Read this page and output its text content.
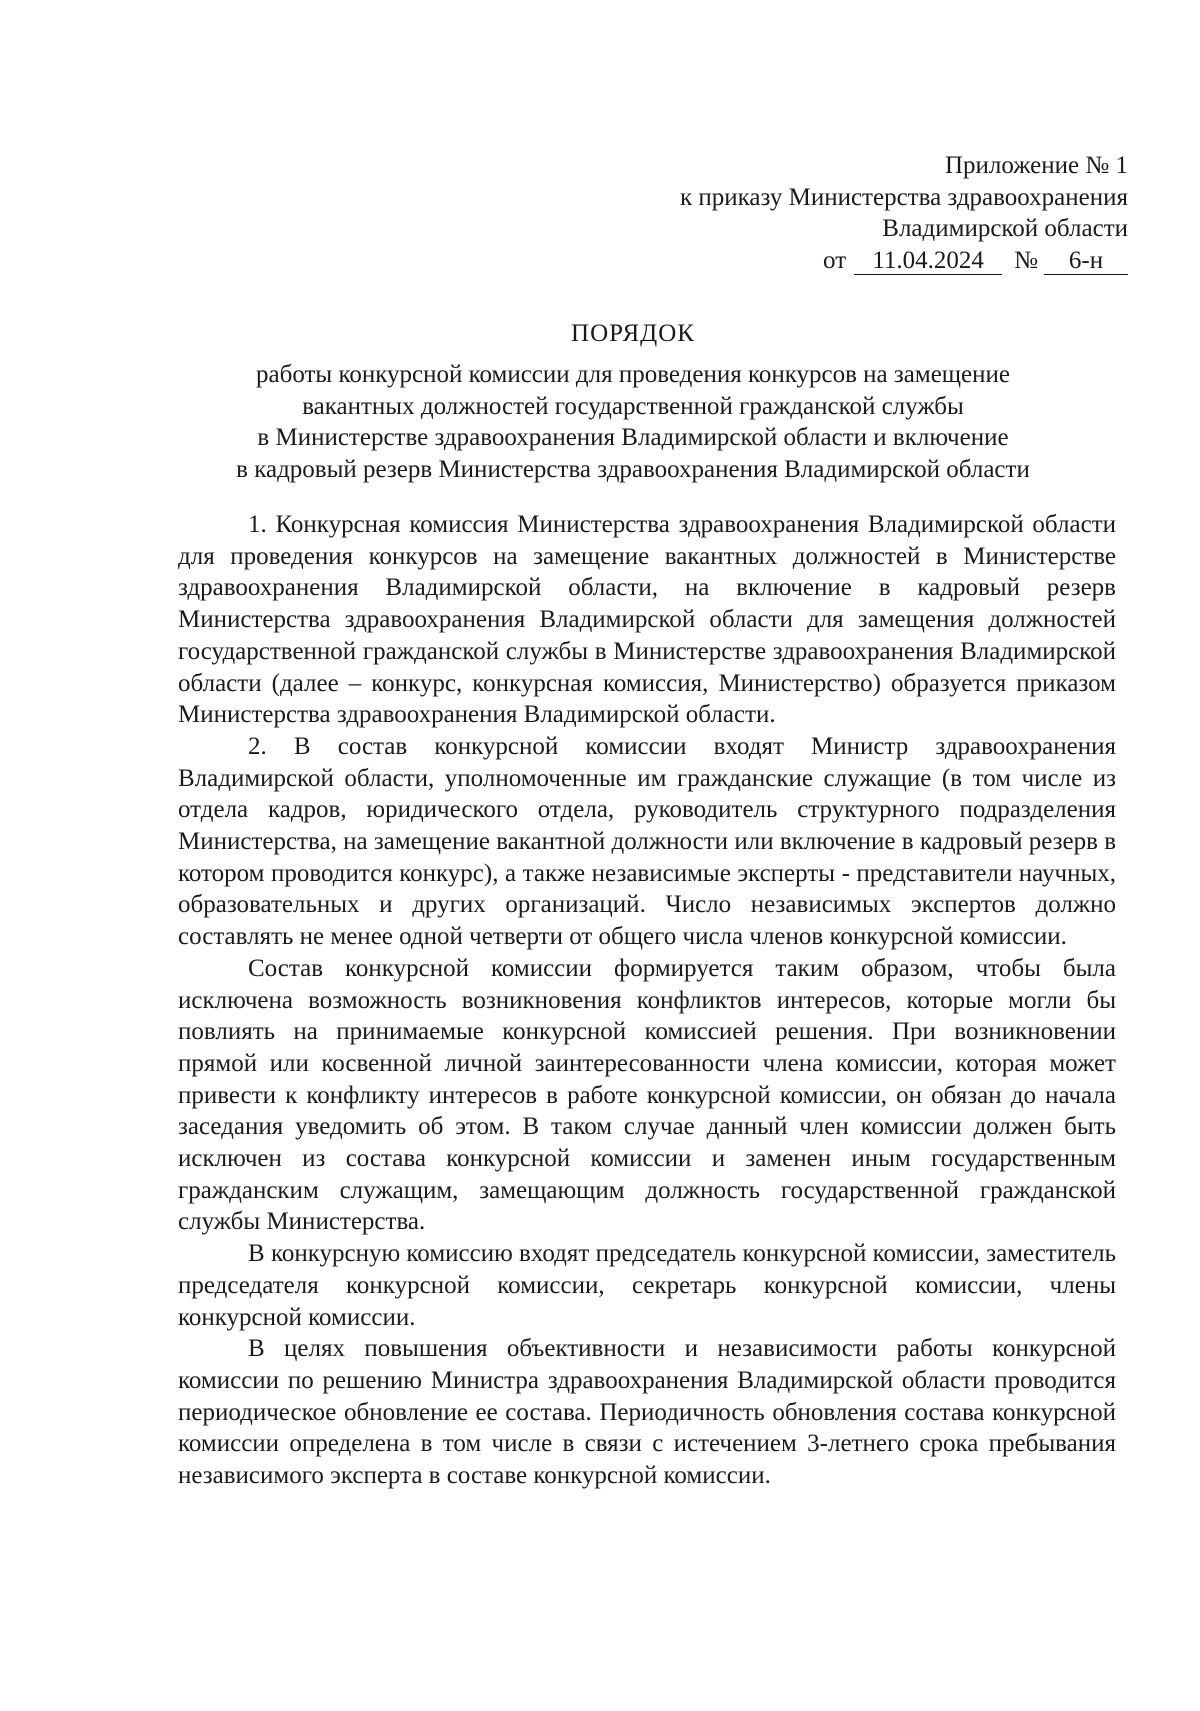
Приложение № 1
к приказу Министерства здравоохранения
Владимирской области
от 11.04.2024 № 6-н
ПОРЯДОК
работы конкурсной комиссии для проведения конкурсов на замещение
вакантных должностей государственной гражданской службы
в Министерстве здравоохранения Владимирской области и включение
в кадровый резерв Министерства здравоохранения Владимирской области

1. Конкурсная комиссия Министерства здравоохранения Владимирской области для проведения конкурсов на замещение вакантных должностей в Министерстве здравоохранения Владимирской области, на включение в кадровый резерв Министерства здравоохранения Владимирской области для замещения должностей государственной гражданской службы в Министерстве здравоохранения Владимирской области (далее – конкурс, конкурсная комиссия, Министерство) образуется приказом Министерства здравоохранения Владимирской области.

2. В состав конкурсной комиссии входят Министр здравоохранения Владимирской области, уполномоченные им гражданские служащие (в том числе из отдела кадров, юридического отдела, руководитель структурного подразделения Министерства, на замещение вакантной должности или включение в кадровый резерв в котором проводится конкурс), а также независимые эксперты - представители научных, образовательных и других организаций. Число независимых экспертов должно составлять не менее одной четверти от общего числа членов конкурсной комиссии.

Состав конкурсной комиссии формируется таким образом, чтобы была исключена возможность возникновения конфликтов интересов, которые могли бы повлиять на принимаемые конкурсной комиссией решения. При возникновении прямой или косвенной личной заинтересованности члена комиссии, которая может привести к конфликту интересов в работе конкурсной комиссии, он обязан до начала заседания уведомить об этом. В таком случае данный член комиссии должен быть исключен из состава конкурсной комиссии и заменен иным государственным гражданским служащим, замещающим должность государственной гражданской службы Министерства.

В конкурсную комиссию входят председатель конкурсной комиссии, заместитель председателя конкурсной комиссии, секретарь конкурсной комиссии, члены конкурсной комиссии.

В целях повышения объективности и независимости работы конкурсной комиссии по решению Министра здравоохранения Владимирской области проводится периодическое обновление ее состава. Периодичность обновления состава конкурсной комиссии определена в том числе в связи с истечением 3-летнего срока пребывания независимого эксперта в составе конкурсной комиссии.
